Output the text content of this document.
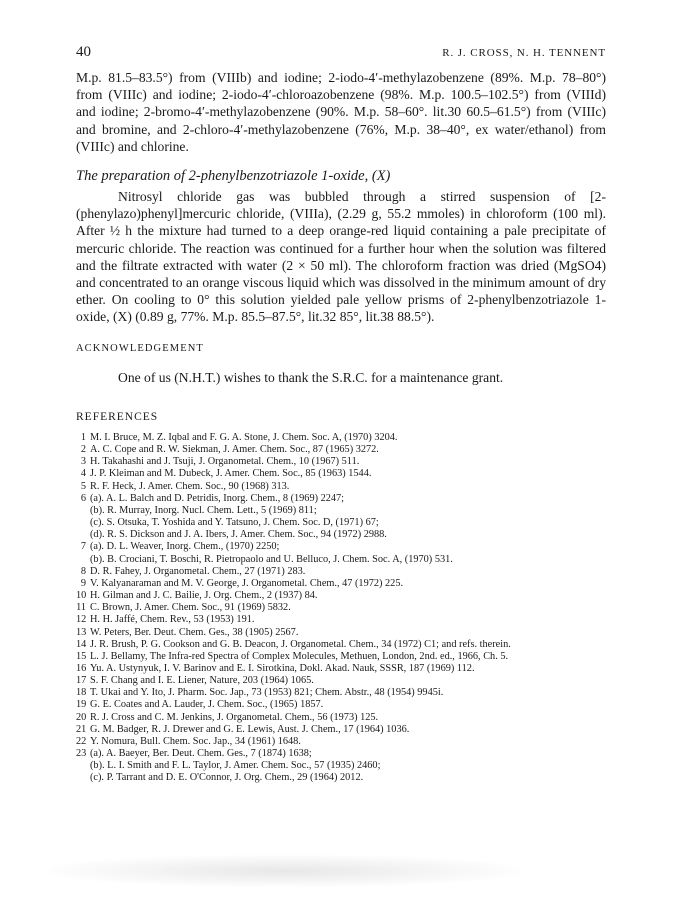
40	R. J. CROSS, N. H. TENNENT
M.p. 81.5–83.5°) from (VIIIb) and iodine; 2-iodo-4′-methylazobenzene (89%. M.p. 78–80°) from (VIIIc) and iodine; 2-iodo-4′-chloroazobenzene (98%. M.p. 100.5–102.5°) from (VIIId) and iodine; 2-bromo-4′-methylazobenzene (90%. M.p. 58–60°. lit.30 60.5–61.5°) from (VIIIc) and bromine, and 2-chloro-4′-methylazobenzene (76%, M.p. 38–40°, ex water/ethanol) from (VIIIc) and chlorine.
The preparation of 2-phenylbenzotriazole 1-oxide, (X)
Nitrosyl chloride gas was bubbled through a stirred suspension of [2-(phenylazo)phenyl]mercuric chloride, (VIIIa), (2.29 g, 55.2 mmoles) in chloroform (100 ml). After ½ h the mixture had turned to a deep orange-red liquid containing a pale precipitate of mercuric chloride. The reaction was continued for a further hour when the solution was filtered and the filtrate extracted with water (2 × 50 ml). The chloroform fraction was dried (MgSO4) and concentrated to an orange viscous liquid which was dissolved in the minimum amount of dry ether. On cooling to 0° this solution yielded pale yellow prisms of 2-phenylbenzotriazole 1-oxide, (X) (0.89 g, 77%. M.p. 85.5–87.5°, lit.32 85°, lit.38 88.5°).
ACKNOWLEDGEMENT
One of us (N.H.T.) wishes to thank the S.R.C. for a maintenance grant.
REFERENCES
1 M. I. Bruce, M. Z. Iqbal and F. G. A. Stone, J. Chem. Soc. A, (1970) 3204.
2 A. C. Cope and R. W. Siekman, J. Amer. Chem. Soc., 87 (1965) 3272.
3 H. Takahashi and J. Tsuji, J. Organometal. Chem., 10 (1967) 511.
4 J. P. Kleiman and M. Dubeck, J. Amer. Chem. Soc., 85 (1963) 1544.
5 R. F. Heck, J. Amer. Chem. Soc., 90 (1968) 313.
6 (a). A. L. Balch and D. Petridis, Inorg. Chem., 8 (1969) 2247;
(b). R. Murray, Inorg. Nucl. Chem. Lett., 5 (1969) 811;
(c). S. Otsuka, T. Yoshida and Y. Tatsuno, J. Chem. Soc. D, (1971) 67;
(d). R. S. Dickson and J. A. Ibers, J. Amer. Chem. Soc., 94 (1972) 2988.
7 (a). D. L. Weaver, Inorg. Chem., (1970) 2250;
(b). B. Crociani, T. Boschi, R. Pietropaolo and U. Belluco, J. Chem. Soc. A, (1970) 531.
8 D. R. Fahey, J. Organometal. Chem., 27 (1971) 283.
9 V. Kalyanaraman and M. V. George, J. Organometal. Chem., 47 (1972) 225.
10 H. Gilman and J. C. Bailie, J. Org. Chem., 2 (1937) 84.
11 C. Brown, J. Amer. Chem. Soc., 91 (1969) 5832.
12 H. H. Jaffé, Chem. Rev., 53 (1953) 191.
13 W. Peters, Ber. Deut. Chem. Ges., 38 (1905) 2567.
14 J. R. Brush, P. G. Cookson and G. B. Deacon, J. Organometal. Chem., 34 (1972) C1; and refs. therein.
15 L. J. Bellamy, The Infra-red Spectra of Complex Molecules, Methuen, London, 2nd. ed., 1966, Ch. 5.
16 Yu. A. Ustynyuk, I. V. Barinov and E. I. Sirotkina, Dokl. Akad. Nauk, SSSR, 187 (1969) 112.
17 S. F. Chang and I. E. Liener, Nature, 203 (1964) 1065.
18 T. Ukai and Y. Ito, J. Pharm. Soc. Jap., 73 (1953) 821; Chem. Abstr., 48 (1954) 9945i.
19 G. E. Coates and A. Lauder, J. Chem. Soc., (1965) 1857.
20 R. J. Cross and C. M. Jenkins, J. Organometal. Chem., 56 (1973) 125.
21 G. M. Badger, R. J. Drewer and G. E. Lewis, Aust. J. Chem., 17 (1964) 1036.
22 Y. Nomura, Bull. Chem. Soc. Jap., 34 (1961) 1648.
23 (a). A. Baeyer, Ber. Deut. Chem. Ges., 7 (1874) 1638;
(b). L. I. Smith and F. L. Taylor, J. Amer. Chem. Soc., 57 (1935) 2460;
(c). P. Tarrant and D. E. O'Connor, J. Org. Chem., 29 (1964) 2012.
